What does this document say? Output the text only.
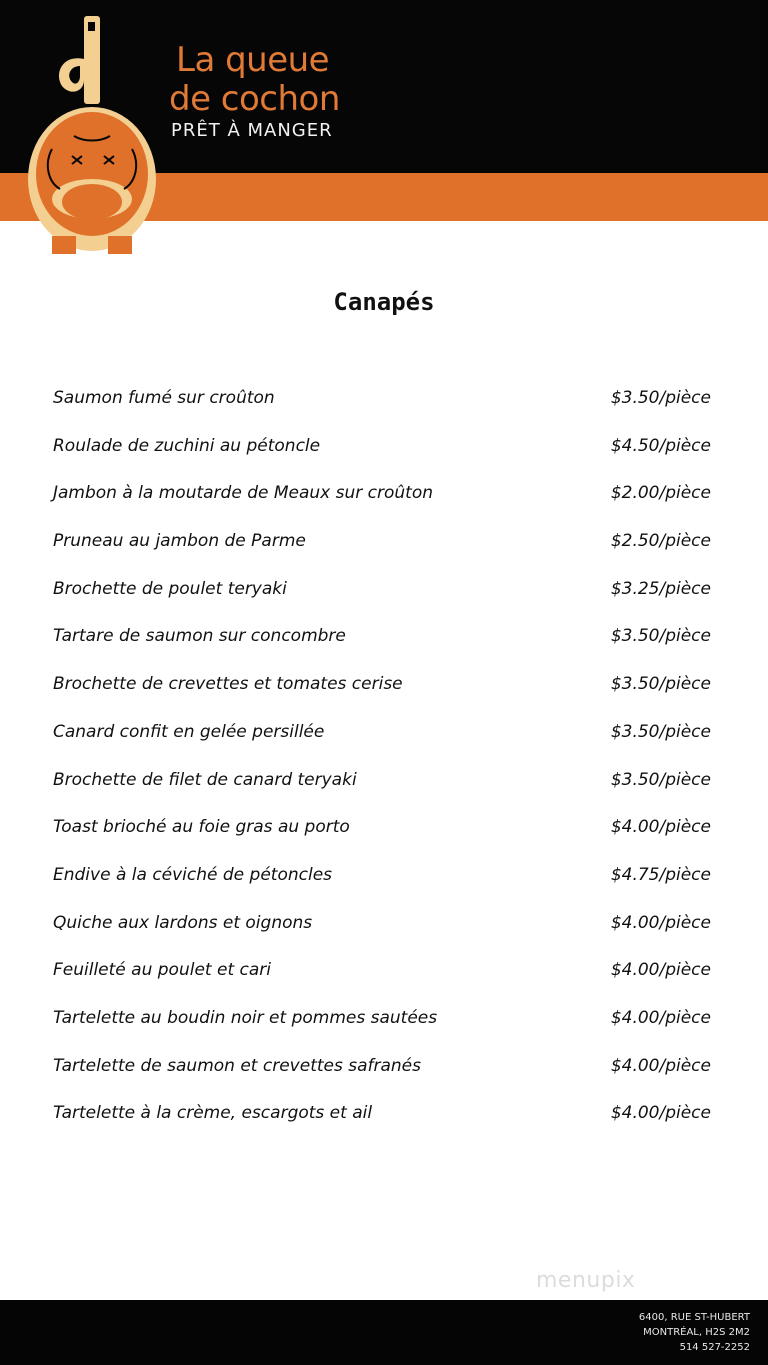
La queue
de cochon
PRÊT À MANGER
Canapés
Saumon fumé sur croûton	$3.50/pièce
Roulade de zuchini au pétoncle	$4.50/pièce
Jambon à la moutarde de Meaux sur croûton	$2.00/pièce
Pruneau au jambon de Parme	$2.50/pièce
Brochette de poulet teryaki	$3.25/pièce
Tartare de saumon sur concombre	$3.50/pièce
Brochette de crevettes et tomates cerise	$3.50/pièce
Canard confit en gelée persillée	$3.50/pièce
Brochette de filet de canard teryaki	$3.50/pièce
Toast brioché au foie gras au porto	$4.00/pièce
Endive à la céviché de pétoncles	$4.75/pièce
Quiche aux lardons et oignons	$4.00/pièce
Feuilleté au poulet et cari	$4.00/pièce
Tartelette au boudin noir et pommes sautées	$4.00/pièce
Tartelette de saumon et crevettes safranés	$4.00/pièce
Tartelette à la crème, escargots et ail	$4.00/pièce
menupix
6400, RUE ST-HUBERT
MONTRÉAL, H2S 2M2
514 527-2252
